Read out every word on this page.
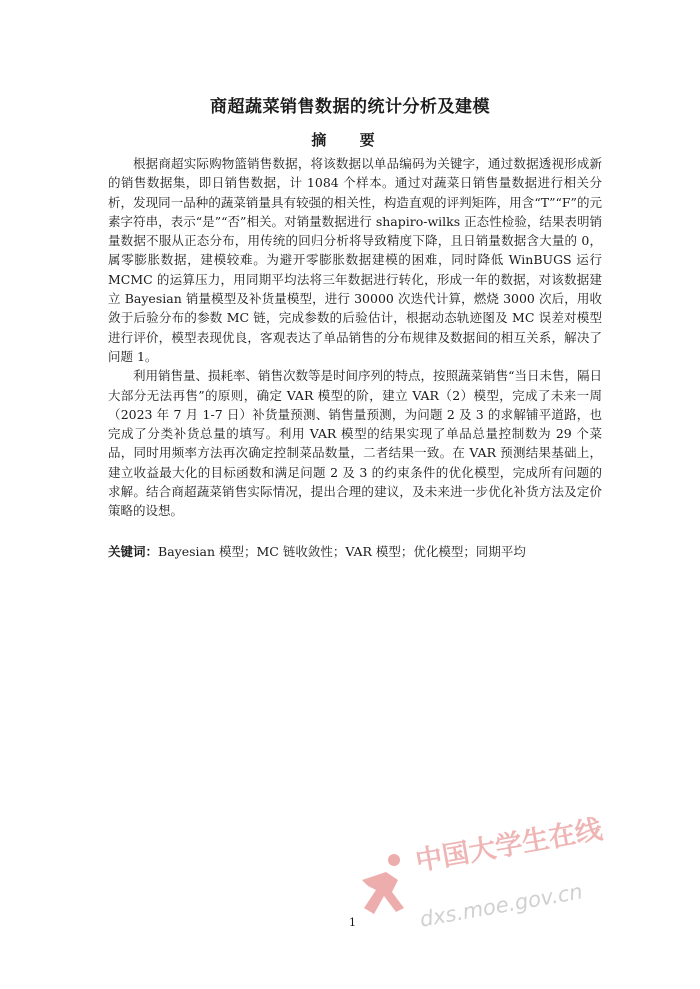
商超蔬菜销售数据的统计分析及建模
摘 要

根据商超实际购物篮销售数据，将该数据以单品编码为关键字，通过数据透视形成新的销售数据集，即日销售数据，计 1084 个样本。通过对蔬菜日销售量数据进行相关分析，发现同一品种的蔬菜销量具有较强的相关性，构造直观的评判矩阵，用含“T”“F”的元素字符串，表示“是”“否”相关。对销量数据进行 shapiro-wilks 正态性检验，结果表明销量数据不服从正态分布，用传统的回归分析将导致精度下降，且日销量数据含大量的 0，属零膨胀数据，建模较难。为避开零膨胀数据建模的困难，同时降低 WinBUGS 运行 MCMC 的运算压力，用同期平均法将三年数据进行转化，形成一年的数据，对该数据建立 Bayesian 销量模型及补货量模型，进行 30000 次迭代计算，燃烧 3000 次后，用收敛于后验分布的参数 MC 链，完成参数的后验估计，根据动态轨迹图及 MC 误差对模型进行评价，模型表现优良，客观表达了单品销售的分布规律及数据间的相互关系，解决了问题 1。

利用销售量、损耗率、销售次数等是时间序列的特点，按照蔬菜销售“当日未售，隔日大部分无法再售”的原则，确定 VAR 模型的阶，建立 VAR（2）模型，完成了未来一周（2023 年 7 月 1-7 日）补货量预测、销售量预测，为问题 2 及 3 的求解铺平道路，也完成了分类补货总量的填写。利用 VAR 模型的结果实现了单品总量控制数为 29 个菜品，同时用频率方法再次确定控制菜品数量，二者结果一致。在 VAR 预测结果基础上，建立收益最大化的目标函数和满足问题 2 及 3 的约束条件的优化模型，完成所有问题的求解。结合商超蔬菜销售实际情况，提出合理的建议，及未来进一步优化补货方法及定价策略的设想。

关键词：Bayesian 模型；MC 链收敛性；VAR 模型；优化模型；同期平均
1
中国大学生在线
dxs.moe.gov.cn
